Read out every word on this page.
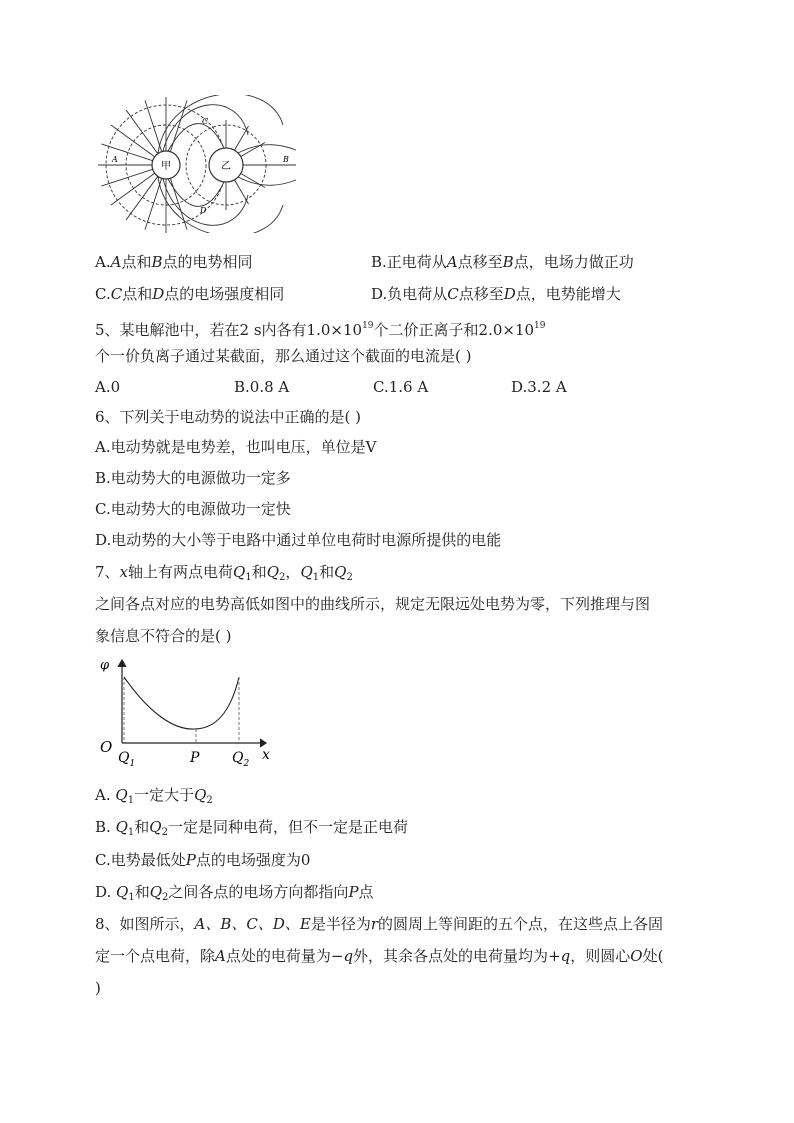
甲	乙
A	B
C
D
A.A点和B点的电势相同	B.正电荷从A点移至B点，电场力做正功
C.C点和D点的电场强度相同	D.负电荷从C点移至D点，电势能增大
5、某电解池中，若在2 s内各有$1.0\times 10^{19}$个二价正离子和$2.0\times 10^{19}$
个一价负离子通过某截面，那么通过这个截面的电流是( )
A.0	B.0.8 A	C.1.6 A	D.3.2 A
6、下列关于电动势的说法中正确的是( )
A.电动势就是电势差，也叫电压，单位是V
B.电动势大的电源做功一定多
C.电动势大的电源做功一定快
D.电动势的大小等于电路中通过单位电荷时电源所提供的电能
7、x轴上有两点电荷$Q_1$和$Q_2$，$Q_1$和$Q_2$
之间各点对应的电势高低如图中的曲线所示，规定无限远处电势为零，下列推理与图
象信息不符合的是( )
φ
O
$Q_1$	P $Q_2$
x
A. $Q_1$一定大于$Q_2$
B. $Q_1$和$Q_2$一定是同种电荷，但不一定是正电荷
C.电势最低处P点的电场强度为0
D. $Q_1$和$Q_2$之间各点的电场方向都指向P点
8、如图所示，A、B、C、D、E是半径为r的圆周上等间距的五个点，在这些点上各固
定一个点电荷，除A点处的电荷量为−q外，其余各点处的电荷量均为+q，则圆心O处(
)
